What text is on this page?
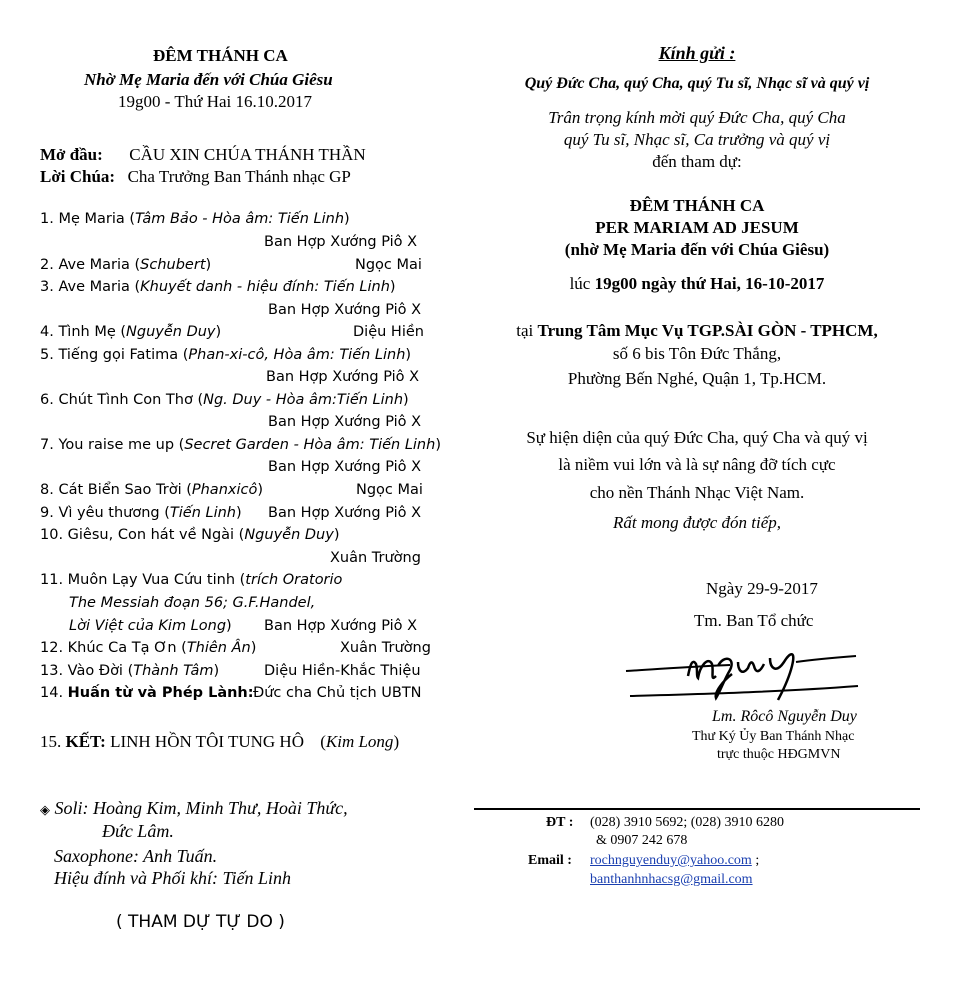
ĐÊM THÁNH CA
Nhờ Mẹ Maria đến với Chúa Giêsu
19g00 - Thứ Hai 16.10.2017
Mở đầu: CẦU XIN CHÚA THÁNH THẦN
Lời Chúa: Cha Trưởng Ban Thánh nhạc GP
1. Mẹ Maria (Tâm Bảo - Hòa âm: Tiến Linh)
Ban Hợp Xướng Piô X
2. Ave Maria (Schubert)	Ngọc Mai
3. Ave Maria (Khuyết danh - hiệu đính: Tiến Linh)
Ban Hợp Xướng Piô X
4. Tình Mẹ (Nguyễn Duy)	Diệu Hiền
5. Tiếng gọi Fatima (Phan-xi-cô, Hòa âm: Tiến Linh)
Ban Hợp Xướng Piô X
6. Chút Tình Con Thơ (Ng. Duy - Hòa âm:Tiến Linh)
Ban Hợp Xướng Piô X
7. You raise me up (Secret Garden - Hòa âm: Tiến Linh)
Ban Hợp Xướng Piô X
8. Cát Biển Sao Trời (Phanxicô)	Ngọc Mai
9. Vì yêu thương (Tiến Linh) Ban Hợp Xướng Piô X
10. Giêsu, Con hát về Ngài (Nguyễn Duy)
Xuân Trường
11. Muôn Lạy Vua Cứu tinh (trích Oratorio
The Messiah đoạn 56; G.F.Handel,
Lời Việt của Kim Long) Ban Hợp Xướng Piô X
12. Khúc Ca Tạ Ơn (Thiên Ân)	Xuân Trường
13. Vào Đời (Thành Tâm)	Diệu Hiền-Khắc Thiệu
14. Huấn từ và Phép Lành: Đức cha Chủ tịch UBTN
15. KẾT: LINH HỒN TÔI TUNG HÔ (Kim Long)
◈ Soli: Hoàng Kim, Minh Thư, Hoài Thức,
Đức Lâm.
Saxophone: Anh Tuấn.
Hiệu đính và Phối khí: Tiến Linh
( THAM DỰ TỰ DO )
Kính gửi :
Quý Đức Cha, quý Cha, quý Tu sĩ, Nhạc sĩ và quý vị
Trân trọng kính mời quý Đức Cha, quý Cha
quý Tu sĩ, Nhạc sĩ, Ca trưởng và quý vị
đến tham dự:
ĐÊM THÁNH CA
PER MARIAM AD JESUM
(nhờ Mẹ Maria đến với Chúa Giêsu)
lúc 19g00 ngày thứ Hai, 16-10-2017
tại Trung Tâm Mục Vụ TGP.SÀI GÒN - TPHCM,
số 6 bis Tôn Đức Thắng,
Phường Bến Nghé, Quận 1, Tp.HCM.
Sự hiện diện của quý Đức Cha, quý Cha và quý vị
là niềm vui lớn và là sự nâng đỡ tích cực
cho nền Thánh Nhạc Việt Nam.
Rất mong được đón tiếp,
Ngày 29-9-2017
Tm. Ban Tổ chức
Lm. Rôcô Nguyễn Duy
Thư Ký Ủy Ban Thánh Nhạc
trực thuộc HĐGMVN
ĐT : (028) 3910 5692; (028) 3910 6280
& 0907 242 678
Email : rochnguyenduy@yahoo.com ;
banthanhnhacsg@gmail.com
